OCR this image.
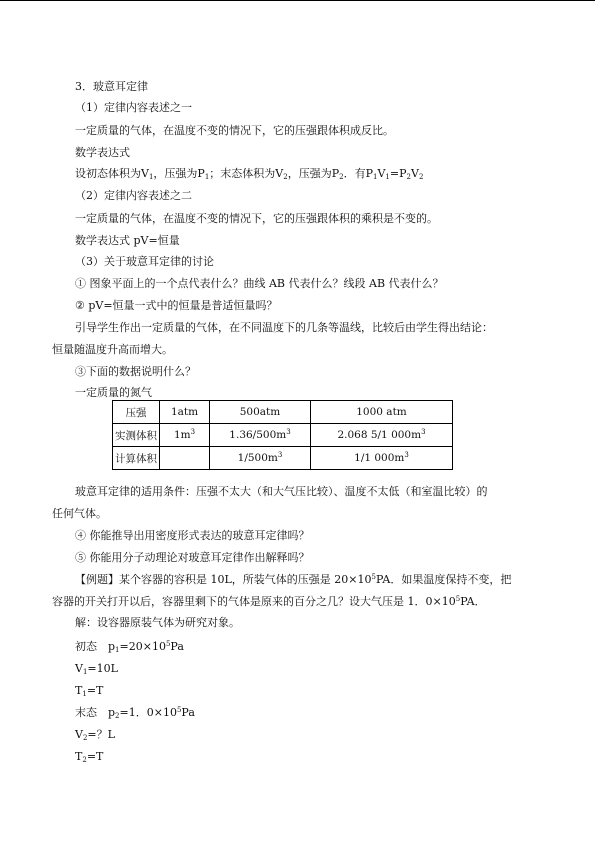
3．玻意耳定律
（1）定律内容表述之一
一定质量的气体，在温度不变的情况下，它的压强跟体积成反比。
数学表达式
设初态体积为$V_1$，压强为$P_1$；末态体积为$V_2$，压强为$P_2$．有$P_1V_1=P_2V_2$
（2）定律内容表述之二
一定质量的气体，在温度不变的情况下，它的压强跟体积的乘积是不变的。
数学表达式 pV=恒量
（3）关于玻意耳定律的讨论
① 图象平面上的一个点代表什么？曲线 AB 代表什么？线段 AB 代表什么？
② pV=恒量一式中的恒量是普适恒量吗？
引导学生作出一定质量的气体，在不同温度下的几条等温线，比较后由学生得出结论：
恒量随温度升高而增大。
③下面的数据说明什么？
一定质量的氮气
压强	1atm	500atm	1000 atm
实测体积	$1m^3$	$1.36/500m^3$	2.068 5/1 $000m^3$
计算体积		$1/500m^3$	1/1 $000m^3$
玻意耳定律的适用条件：压强不太大（和大气压比较）、温度不太低（和室温比较）的
任何气体。
④ 你能推导出用密度形式表达的玻意耳定律吗？
⑤ 你能用分子动理论对玻意耳定律作出解释吗？
【例题】某个容器的容积是 10L，所装气体的压强是 $20\times 10^5PA$．如果温度保持不变，把
容器的开关打开以后，容器里剩下的气体是原来的百分之几？设大气压是 1．$0\times 10^5PA$．
解：设容器原装气体为研究对象。
初态　$p_1=20\times 10^5Pa$
$V_1=10L$
$T_1=T$
末态　$p_2=1$．$0\times 10^5Pa$
$V_2=$？L
$T_2=T$
